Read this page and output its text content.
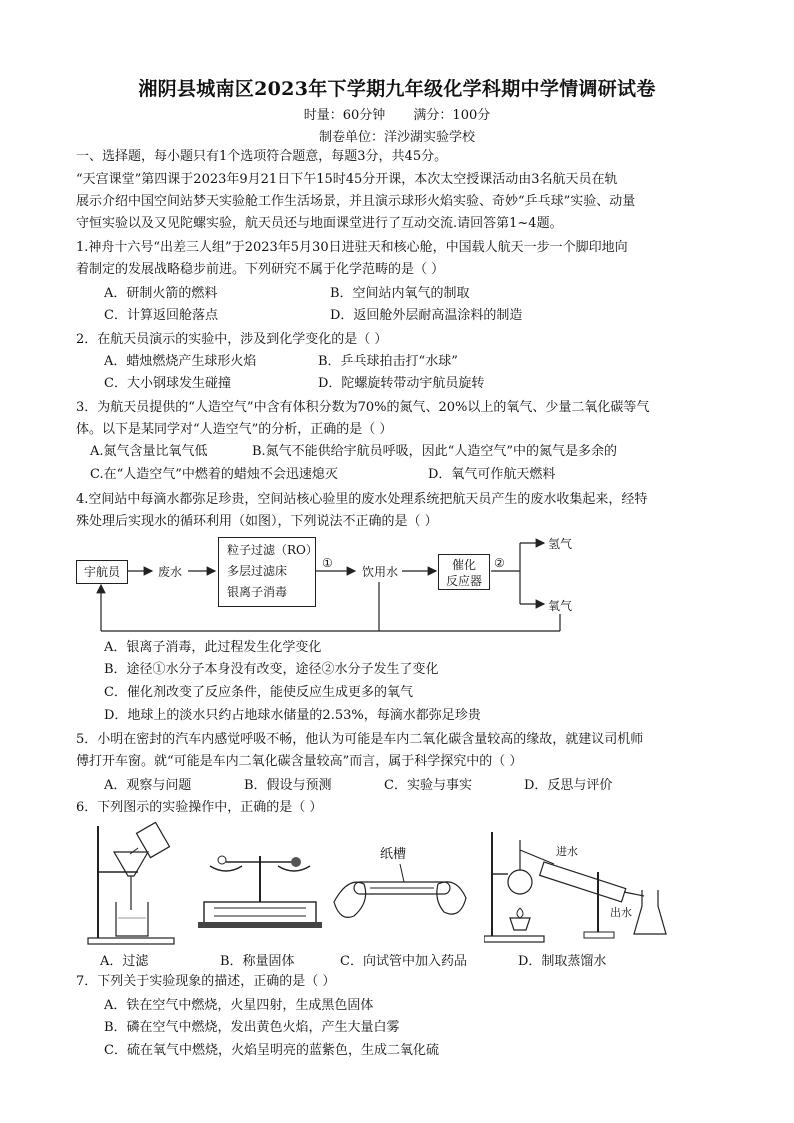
湘阴县城南区2023年下学期九年级化学科期中学情调研试卷
时量：60分钟 满分：100分
制卷单位：洋沙湖实验学校
一、选择题，每小题只有1个选项符合题意，每题3分，共45分。
“天宫课堂”第四课于2023年9月21日下午15时45分开课，本次太空授课活动由3名航天员在轨
展示介绍中国空间站梦天实验舱工作生活场景，并且演示球形火焰实验、奇妙“乒乓球”实验、动量
守恒实验以及又见陀螺实验，航天员还与地面课堂进行了互动交流.请回答第1~4题。
1.神舟十六号“出差三人组”于2023年5月30日进驻天和核心舱，中国载人航天一步一个脚印地向
着制定的发展战略稳步前进。下列研究不属于化学范畴的是（ ）
A．研制火箭的燃料	B．空间站内氧气的制取
C．计算返回舱落点	D．返回舱外层耐高温涂料的制造
2．在航天员演示的实验中，涉及到化学变化的是（ ）
A．蜡烛燃烧产生球形火焰	B．乒乓球拍击打“水球”
C．大小钢球发生碰撞	D．陀螺旋转带动宇航员旋转
3．为航天员提供的“人造空气”中含有体积分数为70%的氮气、20%以上的氧气、少量二氧化碳等气
体。以下是某同学对“人造空气”的分析，正确的是（ ）
A.氮气含量比氧气低	B.氮气不能供给宇航员呼吸，因此“人造空气”中的氮气是多余的
C.在“人造空气”中燃着的蜡烛不会迅速熄灭	D．氧气可作航天燃料
4.空间站中每滴水都弥足珍贵，空间站核心验里的废水处理系统把航天员产生的废水收集起来，经特
殊处理后实现水的循环利用（如图），下列说法不正确的是（ ）
宇航员	废水
粒子过滤（RO）
多层过滤床
银离子消毒
①
饮用水	催化
反应器
②
氢气
氧气
A．银离子消毒，此过程发生化学变化
B．途径①水分子本身没有改变，途径②水分子发生了变化
C．催化剂改变了反应条件，能使反应生成更多的氧气
D．地球上的淡水只约占地球水储量的2.53%，每滴水都弥足珍贵
5．小明在密封的汽车内感觉呼吸不畅，他认为可能是车内二氧化碳含量较高的缘故，就建议司机师
傅打开车窗。就“可能是车内二氧化碳含量较高”而言，属于科学探究中的（ ）
A．观察与问题	B．假设与预测	C．实验与事实	D．反思与评价
6．下列图示的实验操作中，正确的是（ ）
纸槽	进水
出水
A．过滤	B．称量固体	C．向试管中加入药品	D．制取蒸馏水
7．下列关于实验现象的描述，正确的是（ ）
A．铁在空气中燃烧，火星四射，生成黑色固体
B．磷在空气中燃烧，发出黄色火焰，产生大量白雾
C．硫在氧气中燃烧，火焰呈明亮的蓝紫色，生成二氧化硫
